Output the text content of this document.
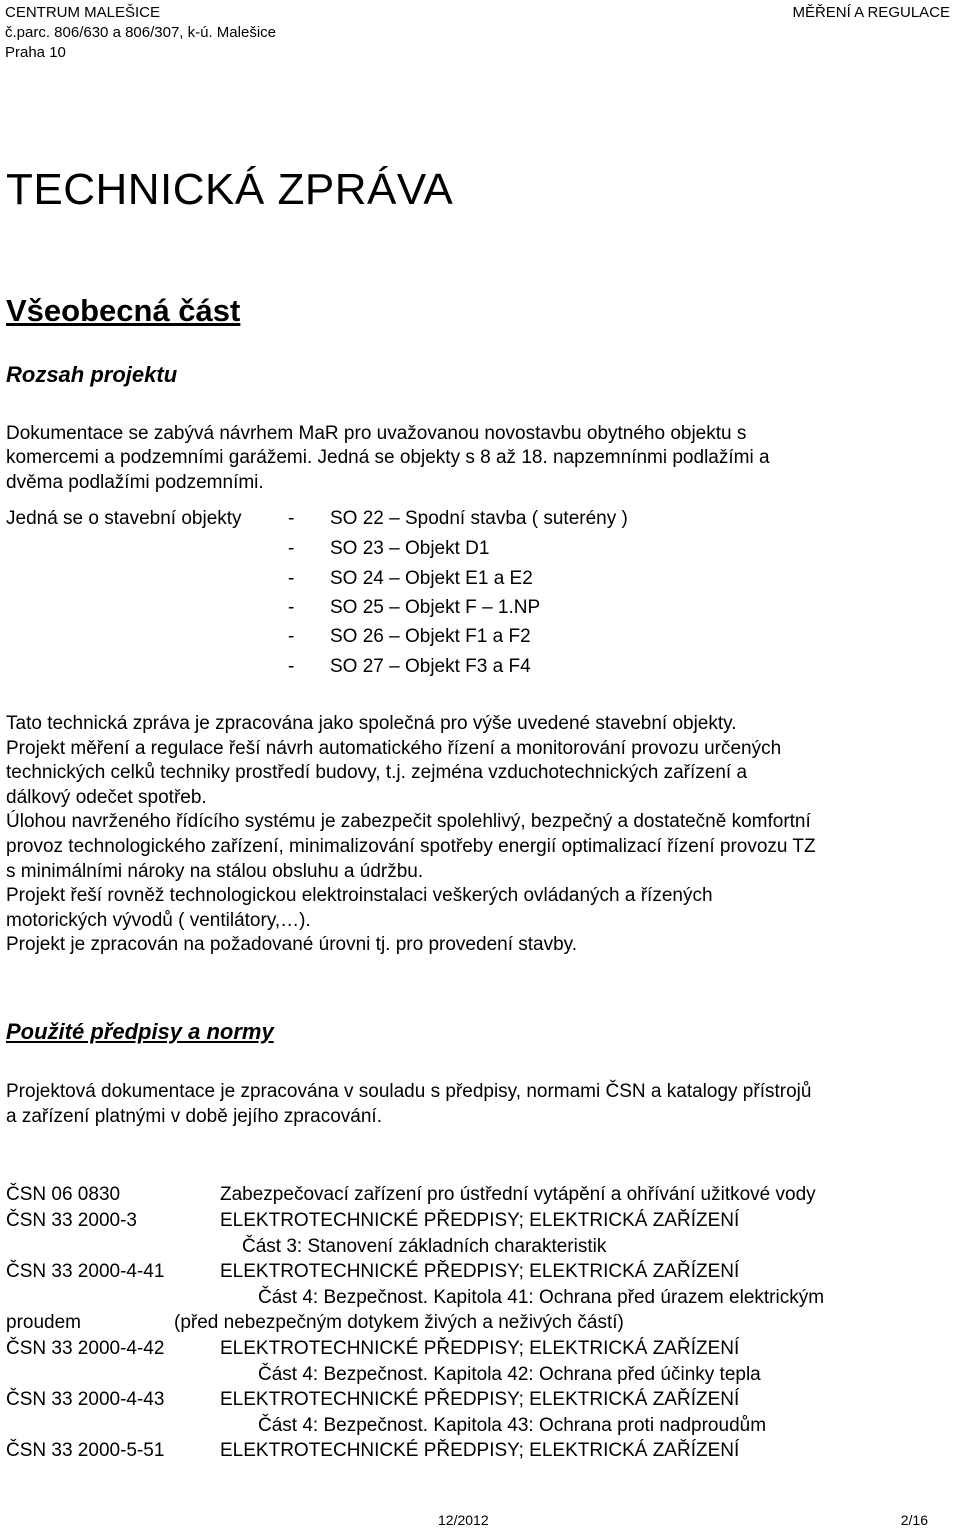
CENTRUM MALEŠICE
č.parc. 806/630 a 806/307, k-ú. Malešice
Praha 10
MĚŘENÍ A REGULACE
TECHNICKÁ ZPRÁVA
Všeobecná část
Rozsah projektu
Dokumentace se zabývá návrhem MaR pro uvažovanou novostavbu obytného objektu s
komercemi a podzemními garážemi. Jedná se objekty s 8 až 18. napzemnínmi podlažími a
dvěma podlažími podzemními.
Jedná se o stavební objekty - SO 22 – Spodní stavba ( suterény )
- SO 23 – Objekt D1
- SO 24 – Objekt E1 a E2
- SO 25 – Objekt F – 1.NP
- SO 26 – Objekt F1 a F2
- SO 27 – Objekt F3 a F4
Tato technická zpráva je zpracována jako společná pro výše uvedené stavební objekty.
Projekt měření a regulace řeší návrh automatického řízení a monitorování provozu určených
technických celků techniky prostředí budovy, t.j. zejména vzduchotechnických zařízení a
dálkový odečet spotřeb.
Úlohou navrženého řídícího systému je zabezpečit spolehlivý, bezpečný a dostatečně komfortní
provoz technologického zařízení, minimalizování spotřeby energií optimalizací řízení provozu TZ
s minimálními nároky na stálou obsluhu a údržbu.
Projekt řeší rovněž technologickou elektroinstalaci veškerých ovládaných a řízených
motorických vývodů ( ventilátory,…).
Projekt je zpracován na požadované úrovni tj. pro provedení stavby.
Použité předpisy a normy
Projektová dokumentace je zpracována v souladu s předpisy, normami ČSN a katalogy přístrojů
a zařízení platnými v době jejího zpracování.
ČSN 06 0830	Zabezpečovací zařízení pro ústřední vytápění a ohřívání užitkové vody
ČSN 33 2000-3	ELEKTROTECHNICKÉ PŘEDPISY; ELEKTRICKÁ ZAŘÍZENÍ
Část 3: Stanovení základních charakteristik
ČSN 33 2000-4-41	ELEKTROTECHNICKÉ PŘEDPISY; ELEKTRICKÁ ZAŘÍZENÍ
Část 4: Bezpečnost. Kapitola 41: Ochrana před úrazem elektrickým
proudem	(před nebezpečným dotykem živých a neživých částí)
ČSN 33 2000-4-42	ELEKTROTECHNICKÉ PŘEDPISY; ELEKTRICKÁ ZAŘÍZENÍ
Část 4: Bezpečnost. Kapitola 42: Ochrana před účinky tepla
ČSN 33 2000-4-43	ELEKTROTECHNICKÉ PŘEDPISY; ELEKTRICKÁ ZAŘÍZENÍ
Část 4: Bezpečnost. Kapitola 43: Ochrana proti nadproudům
ČSN 33 2000-5-51	ELEKTROTECHNICKÉ PŘEDPISY; ELEKTRICKÁ ZAŘÍZENÍ
12/2012	2/16
